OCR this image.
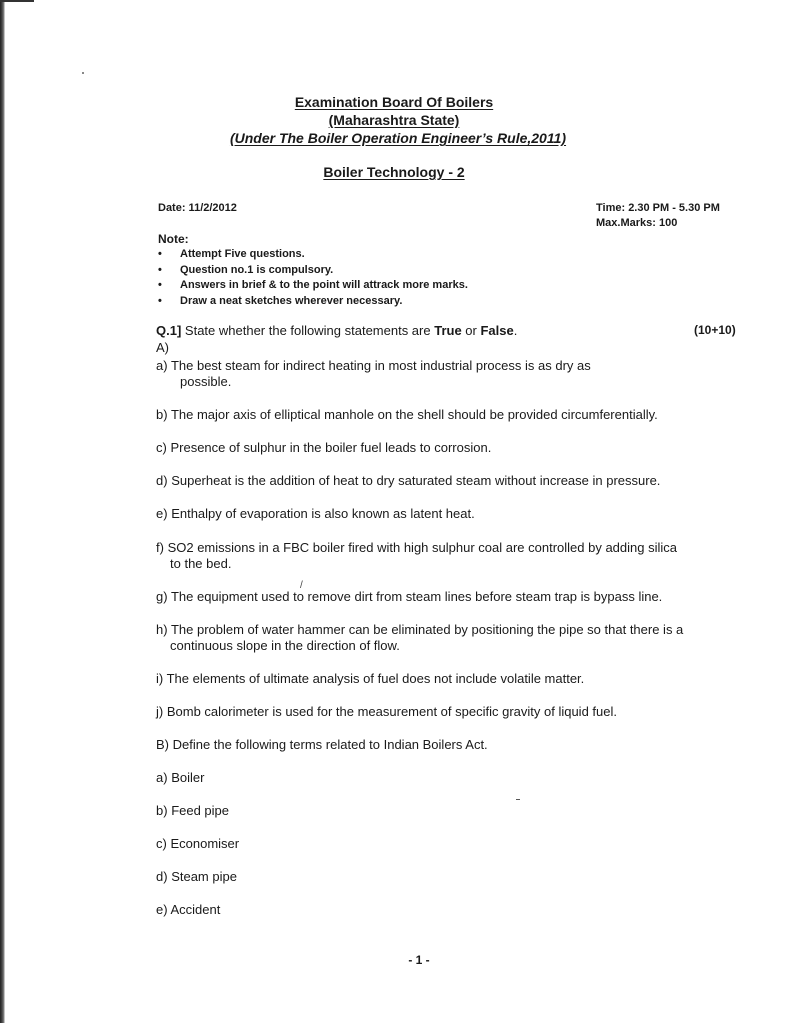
Examination Board Of Boilers
(Maharashtra State)
(Under The Boiler Operation Engineer’s Rule,2011)
Boiler Technology - 2
Date: 11/2/2012	Time: 2.30 PM - 5.30 PM
Max.Marks: 100
Note:
• Attempt Five questions.
• Question no.1 is compulsory.
• Answers in brief & to the point will attrack more marks.
• Draw a neat sketches wherever necessary.
Q.1] State whether the following statements are True or False.	(10+10)
A)
a) The best steam for indirect heating in most industrial process is as dry as
possible.
b) The major axis of elliptical manhole on the shell should be provided circumferentially.
c) Presence of sulphur in the boiler fuel leads to corrosion.
d) Superheat is the addition of heat to dry saturated steam without increase in pressure.
e) Enthalpy of evaporation is also known as latent heat.
f) SO2 emissions in a FBC boiler fired with high sulphur coal are controlled by adding silica
to the bed.
/
g) The equipment used to remove dirt from steam lines before steam trap is bypass line.
h) The problem of water hammer can be eliminated by positioning the pipe so that there is a
continuous slope in the direction of flow.
i) The elements of ultimate analysis of fuel does not include volatile matter.
j) Bomb calorimeter is used for the measurement of specific gravity of liquid fuel.
B) Define the following terms related to Indian Boilers Act.
a) Boiler
b) Feed pipe
c) Economiser
d) Steam pipe
e) Accident
- 1 -
